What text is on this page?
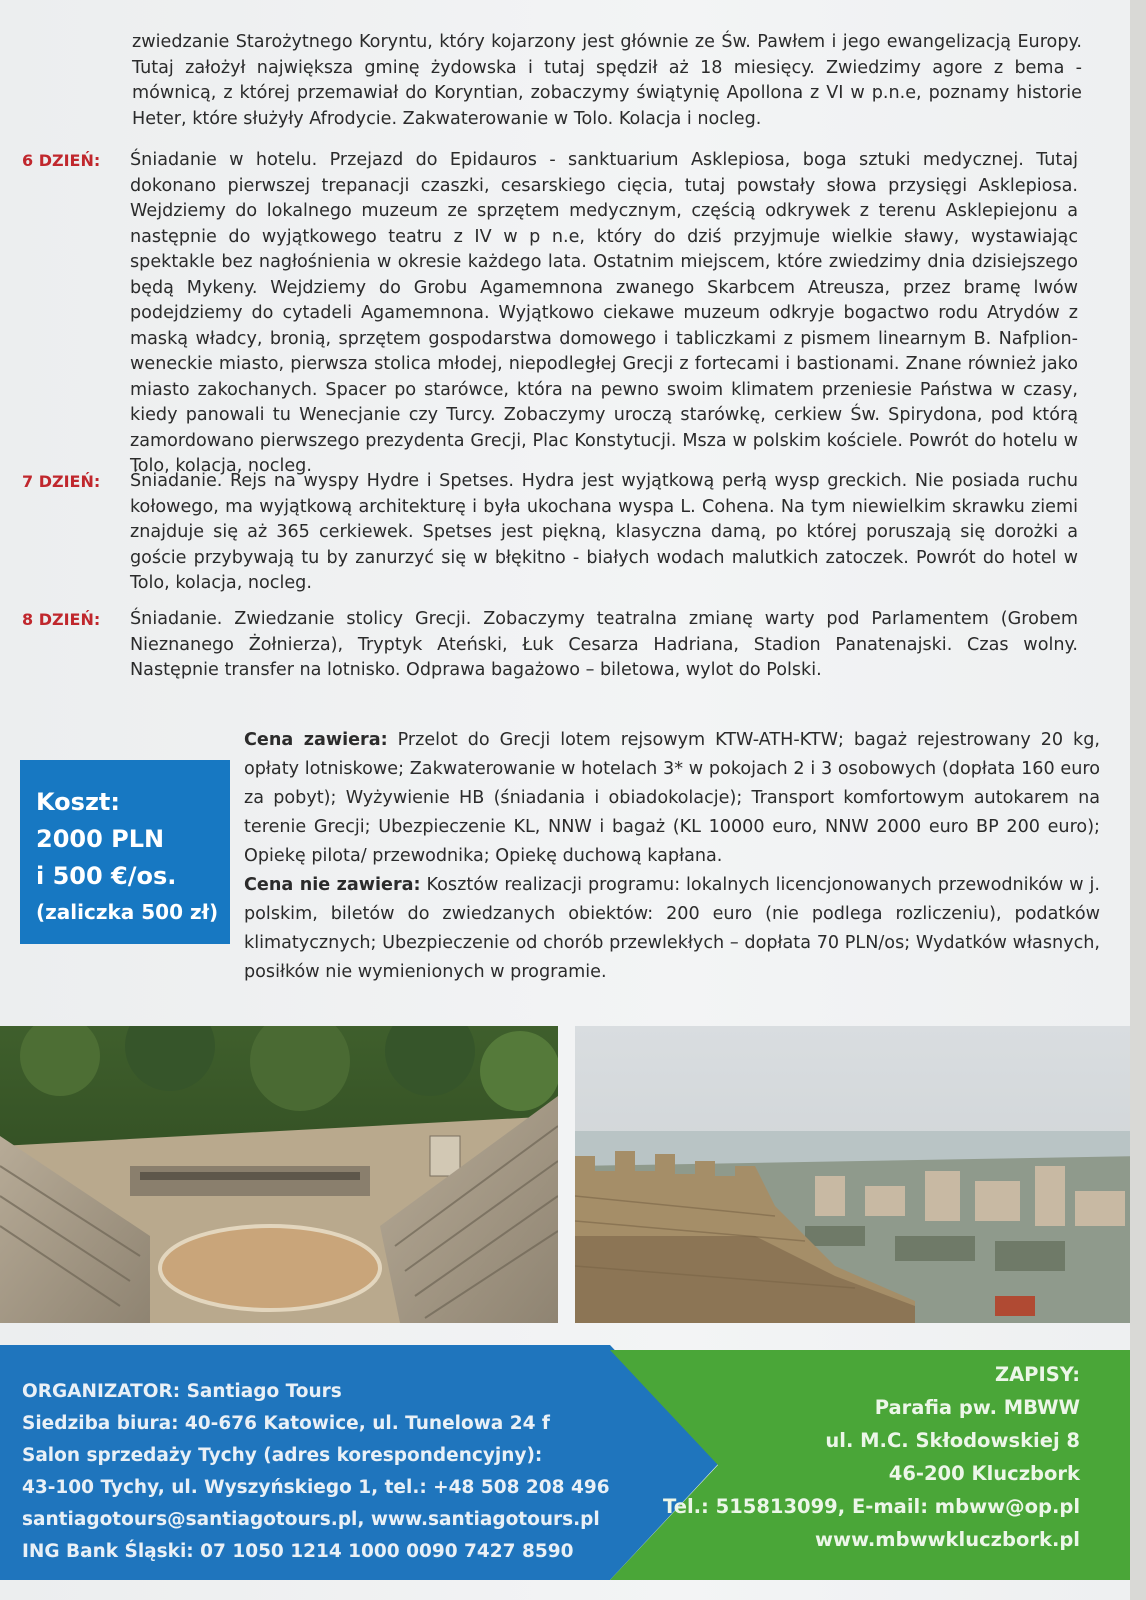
zwiedzanie Starożytnego Koryntu, który kojarzony jest głównie ze Św. Pawłem i jego ewangelizacją Europy. Tutaj założył największa gminę żydowska i tutaj spędził aż 18 miesięcy. Zwiedzimy agore z bema - mównicą, z której przemawiał do Koryntian, zobaczymy świątynię Apollona z VI w p.n.e, poznamy historie Heter, które służyły Afrodycie. Zakwaterowanie w Tolo. Kolacja i nocleg.

6 DZIEŃ:	Śniadanie w hotelu. Przejazd do Epidauros - sanktuarium Asklepiosa, boga sztuki medycznej. Tutaj dokonano pierwszej trepanacji czaszki, cesarskiego cięcia, tutaj powstały słowa przysięgi Asklepiosa. Wejdziemy do lokalnego muzeum ze sprzętem medycznym, częścią odkrywek z terenu Asklepiejonu a następnie do wyjątkowego teatru z IV w p n.e, który do dziś przyjmuje wielkie sławy, wystawiając spektakle bez nagłośnienia w okresie każdego lata. Ostatnim miejscem, które zwiedzimy dnia dzisiejszego będą Mykeny. Wejdziemy do Grobu Agamemnona zwanego Skarbcem Atreusza, przez bramę lwów podejdziemy do cytadeli Agamemnona. Wyjątkowo ciekawe muzeum odkryje bogactwo rodu Atrydów z maską władcy, bronią, sprzętem gospodarstwa domowego i tabliczkami z pismem linearnym B. Nafplion- weneckie miasto, pierwsza stolica młodej, niepodległej Grecji z fortecami i bastionami. Znane również jako miasto zakochanych. Spacer po starówce, która na pewno swoim klimatem przeniesie Państwa w czasy, kiedy panowali tu Wenecjanie czy Turcy. Zobaczymy uroczą starówkę, cerkiew Św. Spirydona, pod którą zamordowano pierwszego prezydenta Grecji, Plac Konstytucji. Msza w polskim kościele. Powrót do hotelu w Tolo, kolacja, nocleg.

7 DZIEŃ:	Śniadanie. Rejs na wyspy Hydre i Spetses. Hydra jest wyjątkową perłą wysp greckich. Nie posiada ruchu kołowego, ma wyjątkową architekturę i była ukochana wyspa L. Cohena. Na tym niewielkim skrawku ziemi znajduje się aż 365 cerkiewek. Spetses jest piękną, klasyczna damą, po której poruszają się dorożki a goście przybywają tu by zanurzyć się w błękitno - białych wodach malutkich zatoczek. Powrót do hotel w Tolo, kolacja, nocleg.

8 DZIEŃ:	Śniadanie. Zwiedzanie stolicy Grecji. Zobaczymy teatralna zmianę warty pod Parlamentem (Grobem Nieznanego Żołnierza), Tryptyk Ateński, Łuk Cesarza Hadriana, Stadion Panatenajski. Czas wolny. Następnie transfer na lotnisko. Odprawa bagażowo – biletowa, wylot do Polski.

Koszt:
2000 PLN
i 500 €/os.
(zaliczka 500 zł)

Cena zawiera: Przelot do Grecji lotem rejsowym KTW-ATH-KTW; bagaż rejestrowany 20 kg, opłaty lotniskowe; Zakwaterowanie w hotelach 3* w pokojach 2 i 3 osobowych (dopłata 160 euro za pobyt); Wyżywienie HB (śniadania i obiadokolacje); Transport komfortowym autokarem na terenie Grecji; Ubezpieczenie KL, NNW i bagaż (KL 10000 euro, NNW 2000 euro BP 200 euro); Opiekę pilota/ przewodnika; Opiekę duchową kapłana.

Cena nie zawiera: Kosztów realizacji programu: lokalnych licencjonowanych przewodników w j. polskim, biletów do zwiedzanych obiektów: 200 euro (nie podlega rozliczeniu), podatków klimatycznych; Ubezpieczenie od chorób przewlekłych – dopłata 70 PLN/os; Wydatków własnych, posiłków nie wymienionych w programie.

ORGANIZATOR: Santiago Tours
Siedziba biura: 40-676 Katowice, ul. Tunelowa 24 f
Salon sprzedaży Tychy (adres korespondencyjny):
43-100 Tychy, ul. Wyszyńskiego 1, tel.: +48 508 208 496
santiagotours@santiagotours.pl, www.santiagotours.pl
ING Bank Śląski: 07 1050 1214 1000 0090 7427 8590
ZAPISY:
Parafia pw. MBWW
ul. M.C. Skłodowskiej 8
46-200 Kluczbork
Tel.: 515813099, E-mail: mbww@op.pl
www.mbwwkluczbork.pl
